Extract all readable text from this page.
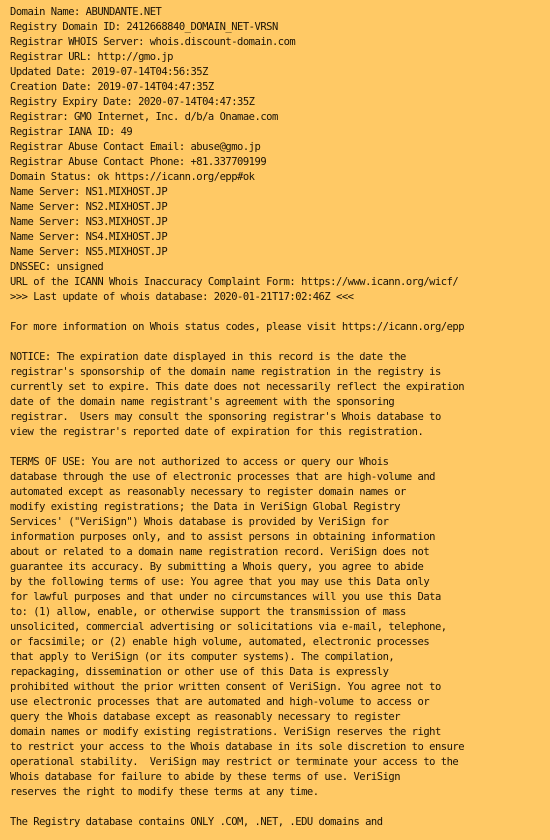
Domain Name: ABUNDANTE.NET
Registry Domain ID: 2412668840_DOMAIN_NET-VRSN
Registrar WHOIS Server: whois.discount-domain.com
Registrar URL: http://gmo.jp
Updated Date: 2019-07-14T04:56:35Z
Creation Date: 2019-07-14T04:47:35Z
Registry Expiry Date: 2020-07-14T04:47:35Z
Registrar: GMO Internet, Inc. d/b/a Onamae.com
Registrar IANA ID: 49
Registrar Abuse Contact Email: abuse@gmo.jp
Registrar Abuse Contact Phone: +81.337709199
Domain Status: ok https://icann.org/epp#ok
Name Server: NS1.MIXHOST.JP
Name Server: NS2.MIXHOST.JP
Name Server: NS3.MIXHOST.JP
Name Server: NS4.MIXHOST.JP
Name Server: NS5.MIXHOST.JP
DNSSEC: unsigned
URL of the ICANN Whois Inaccuracy Complaint Form: https://www.icann.org/wicf/
>>> Last update of whois database: 2020-01-21T17:02:46Z <<<
For more information on Whois status codes, please visit https://icann.org/epp
NOTICE: The expiration date displayed in this record is the date the
registrar's sponsorship of the domain name registration in the registry is
currently set to expire. This date does not necessarily reflect the expiration
date of the domain name registrant's agreement with the sponsoring
registrar.  Users may consult the sponsoring registrar's Whois database to
view the registrar's reported date of expiration for this registration.
TERMS OF USE: You are not authorized to access or query our Whois
database through the use of electronic processes that are high-volume and
automated except as reasonably necessary to register domain names or
modify existing registrations; the Data in VeriSign Global Registry
Services' ("VeriSign") Whois database is provided by VeriSign for
information purposes only, and to assist persons in obtaining information
about or related to a domain name registration record. VeriSign does not
guarantee its accuracy. By submitting a Whois query, you agree to abide
by the following terms of use: You agree that you may use this Data only
for lawful purposes and that under no circumstances will you use this Data
to: (1) allow, enable, or otherwise support the transmission of mass
unsolicited, commercial advertising or solicitations via e-mail, telephone,
or facsimile; or (2) enable high volume, automated, electronic processes
that apply to VeriSign (or its computer systems). The compilation,
repackaging, dissemination or other use of this Data is expressly
prohibited without the prior written consent of VeriSign. You agree not to
use electronic processes that are automated and high-volume to access or
query the Whois database except as reasonably necessary to register
domain names or modify existing registrations. VeriSign reserves the right
to restrict your access to the Whois database in its sole discretion to ensure
operational stability.  VeriSign may restrict or terminate your access to the
Whois database for failure to abide by these terms of use. VeriSign
reserves the right to modify these terms at any time.
The Registry database contains ONLY .COM, .NET, .EDU domains and
